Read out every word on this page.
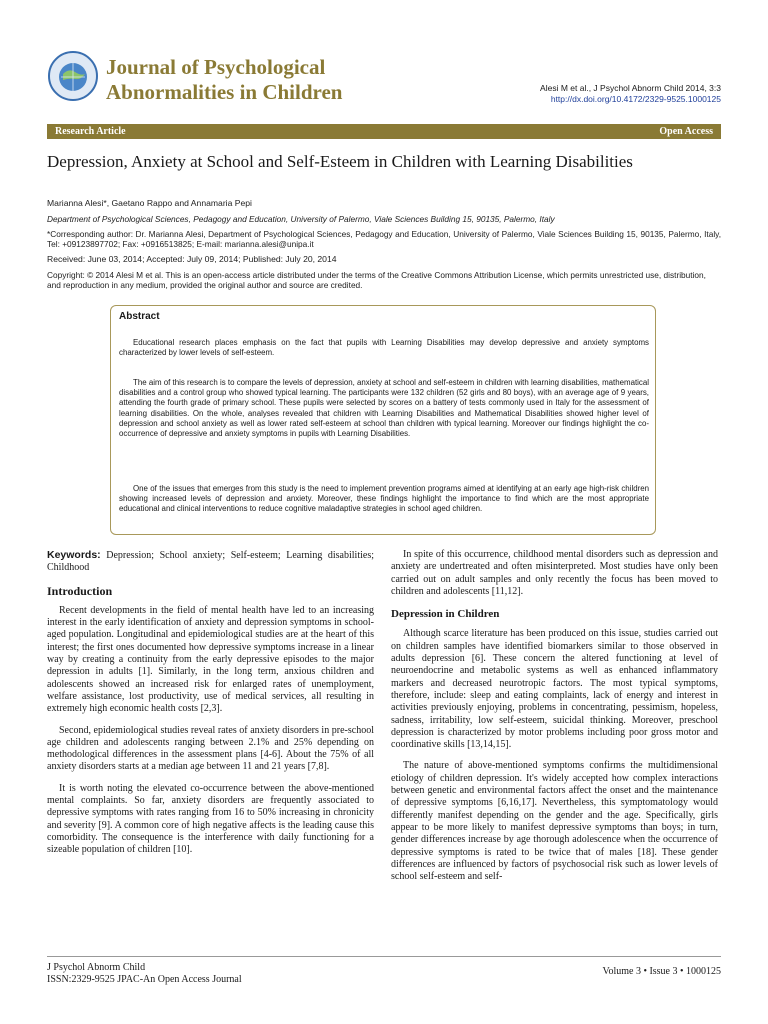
Journal of Psychological
Abnormalities in Children	Alesi M et al., J Psychol Abnorm Child 2014, 3:3
http://dx.doi.org/10.4172/2329-9525.1000125
Research Article	Open Access
Depression, Anxiety at School and Self-Esteem in Children with Learning Disabilities
Marianna Alesi*, Gaetano Rappo and Annamaria Pepi
Department of Psychological Sciences, Pedagogy and Education, University of Palermo, Viale Sciences Building 15, 90135, Palermo, Italy
*Corresponding author: Dr. Marianna Alesi, Department of Psychological Sciences, Pedagogy and Education, University of Palermo, Viale Sciences Building 15, 90135, Palermo, Italy, Tel: +09123897702; Fax: +0916513825; E-mail: marianna.alesi@unipa.it
Received: June 03, 2014; Accepted: July 09, 2014; Published: July 20, 2014
Copyright: © 2014 Alesi M et al. This is an open-access article distributed under the terms of the Creative Commons Attribution License, which permits unrestricted use, distribution, and reproduction in any medium, provided the original author and source are credited.
Abstract

Educational research places emphasis on the fact that pupils with Learning Disabilities may develop depressive and anxiety symptoms characterized by lower levels of self-esteem.

The aim of this research is to compare the levels of depression, anxiety at school and self-esteem in children with learning disabilities, mathematical disabilities and a control group who showed typical learning. The participants were 132 children (52 girls and 80 boys), with an average age of 9 years, attending the fourth grade of primary school. These pupils were selected by scores on a battery of tests commonly used in Italy for the assessment of learning disabilities. On the whole, analyses revealed that children with Learning Disabilities and Mathematical Disabilities showed higher level of depression and school anxiety as well as lower rated self-esteem at school than children with typical learning. Moreover our findings highlight the co-occurrence of depressive and anxiety symptoms in pupils with Learning Disabilities.

One of the issues that emerges from this study is the need to implement prevention programs aimed at identifying at an early age high-risk children showing increased levels of depression and anxiety. Moreover, these findings highlight the importance to find which are the most appropriate educational and clinical interventions to reduce cognitive maladaptive strategies in school aged children.

Keywords: Depression; School anxiety; Self-esteem; Learning disabilities; Childhood

Introduction

Recent developments in the field of mental health have led to an increasing interest in the early identification of anxiety and depression symptoms in school-aged population. Longitudinal and epidemiological studies are at the heart of this interest; the first ones documented how depressive symptoms increase in a linear way by creating a continuity from the early depressive episodes to the major depression in adults [1]. Similarly, in the long term, anxious children and adolescents showed an increased risk for enlarged rates of unemployment, welfare assistance, lost productivity, use of medical services, all resulting in extremely high economic health costs [2,3].

Second, epidemiological studies reveal rates of anxiety disorders in pre-school age children and adolescents ranging between 2.1% and 25% depending on methodological differences in the assessment plans [4-6]. About the 75% of all anxiety disorders starts at a median age between 11 and 21 years [7,8].

It is worth noting the elevated co-occurrence between the above-mentioned mental complaints. So far, anxiety disorders are frequently associated to depressive symptoms with rates ranging from 16 to 50% increasing in chronicity and severity [9]. A common core of high negative affects is the leading cause this comorbidity. The consequence is the interference with daily functioning for a sizeable population of children [10].

In spite of this occurrence, childhood mental disorders such as depression and anxiety are undertreated and often misinterpreted. Most studies have only been carried out on adult samples and only recently the focus has been moved to children and adolescents [11,12].

Depression in Children

Although scarce literature has been produced on this issue, studies carried out on children samples have identified biomarkers similar to those observed in adults depression [6]. These concern the altered functioning at level of neuroendocrine and metabolic systems as well as enhanced inflammatory markers and decreased neurotropic factors. The most typical symptoms, therefore, include: sleep and eating complaints, lack of energy and interest in activities previously enjoying, problems in concentrating, pessimism, hopeless, sadness, irritability, low self-esteem, suicidal thinking. Moreover, preschool depression is characterized by motor problems including poor gross motor and coordinative skills [13,14,15].

The nature of above-mentioned symptoms confirms the multidimensional etiology of children depression. It's widely accepted how complex interactions between genetic and environmental factors affect the onset and the maintenance of depressive symptoms [6,16,17]. Nevertheless, this symptomatology would differently manifest depending on the gender and the age. Specifically, girls appear to be more likely to manifest depressive symptoms than boys; in turn, gender differences increase by age thorough adolescence when the occurrence of depressive symptoms is rated to be twice that of males [18]. These gender differences are influenced by factors of psychosocial risk such as lower levels of school self-esteem and self-

J Psychol Abnorm Child
ISSN:2329-9525 JPAC-An Open Access Journal
Volume 3 • Issue 3 • 1000125
